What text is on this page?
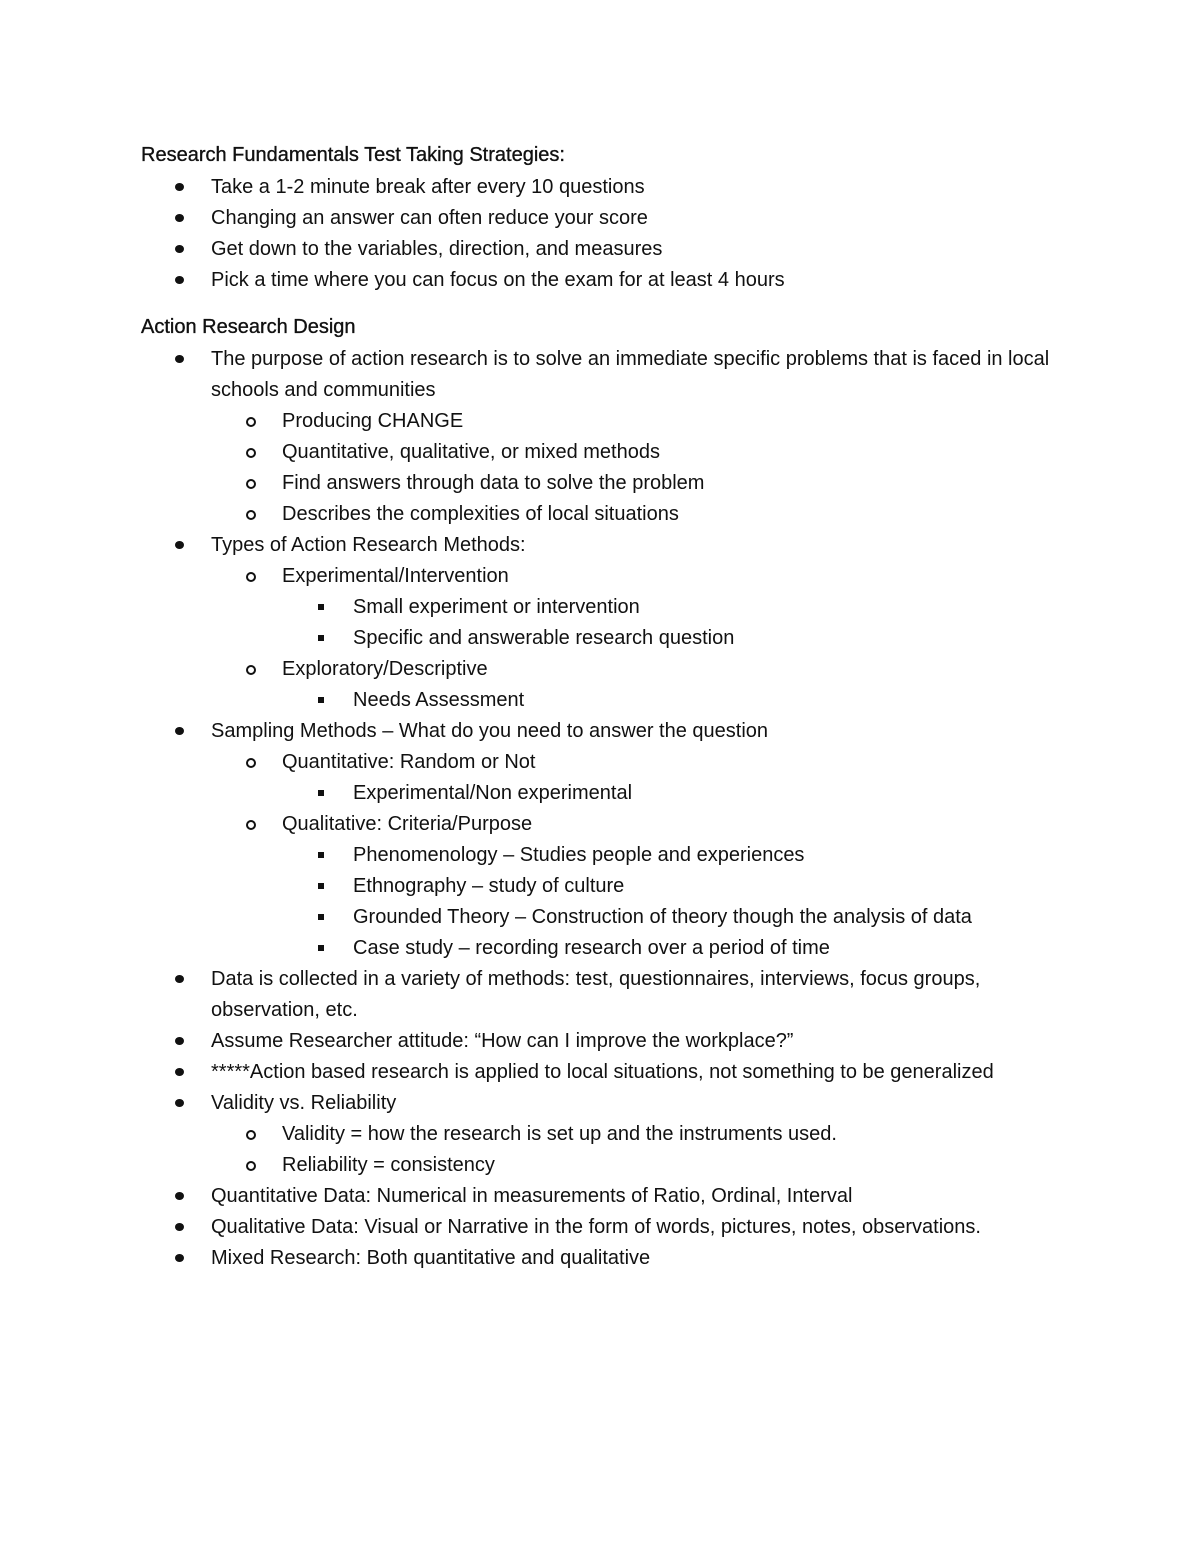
Research Fundamentals Test Taking Strategies:
Take a 1-2 minute break after every 10 questions
Changing an answer can often reduce your score
Get down to the variables, direction, and measures
Pick a time where you can focus on the exam for at least 4 hours
Action Research Design
The purpose of action research is to solve an immediate specific problems that is faced in local schools and communities
Producing CHANGE
Quantitative, qualitative, or mixed methods
Find answers through data to solve the problem
Describes the complexities of local situations
Types of Action Research Methods:
Experimental/Intervention
Small experiment or intervention
Specific and answerable research question
Exploratory/Descriptive
Needs Assessment
Sampling Methods – What do you need to answer the question
Quantitative: Random or Not
Experimental/Non experimental
Qualitative: Criteria/Purpose
Phenomenology – Studies people and experiences
Ethnography – study of culture
Grounded Theory – Construction of theory though the analysis of data
Case study – recording research over a period of time
Data is collected in a variety of methods: test, questionnaires, interviews, focus groups, observation, etc.
Assume Researcher attitude: “How can I improve the workplace?”
*****Action based research is applied to local situations, not something to be generalized
Validity vs. Reliability
Validity = how the research is set up and the instruments used.
Reliability = consistency
Quantitative Data: Numerical in measurements of Ratio, Ordinal, Interval
Qualitative Data: Visual or Narrative in the form of words, pictures, notes, observations.
Mixed Research: Both quantitative and qualitative
